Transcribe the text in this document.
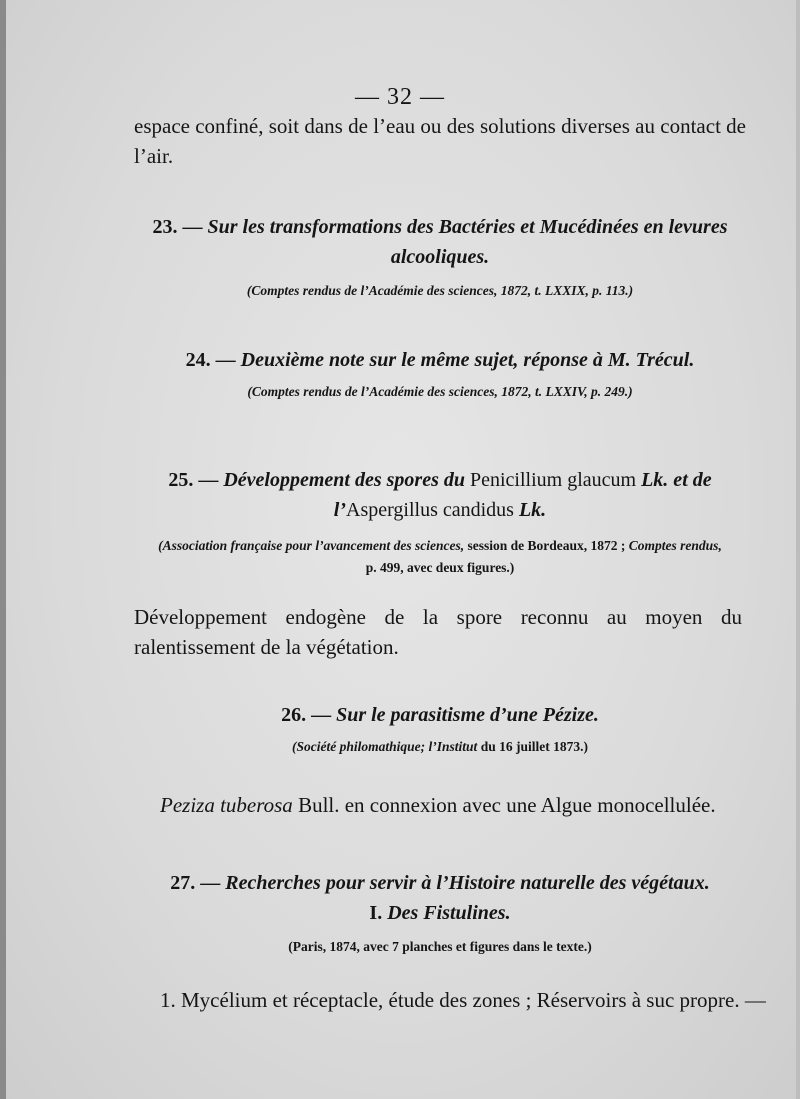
— 32 —
espace confiné, soit dans de l’eau ou des solutions diverses au contact de l’air.
23. — Sur les transformations des Bactéries et Mucédinées en levures alcooliques.
(Comptes rendus de l’Académie des sciences, 1872, t. LXXIX, p. 113.)
24. — Deuxième note sur le même sujet, réponse à M. Trécul.
(Comptes rendus de l’Académie des sciences, 1872, t. LXXIV, p. 249.)
25. — Développement des spores du Penicillium glaucum Lk. et de
l’Aspergillus candidus Lk.
(Association française pour l’avancement des sciences, session de Bordeaux, 1872 ; Comptes rendus,
p. 499, avec deux figures.)
Développement endogène de la spore reconnu au moyen du ralentissement de la végétation.
26. — Sur le parasitisme d’une Pézize.
(Société philomathique; l’Institut du 16 juillet 1873.)
Peziza tuberosa Bull. en connexion avec une Algue monocellulée.
27. — Recherches pour servir à l’Histoire naturelle des végétaux.
I. Des Fistulines.
(Paris, 1874, avec 7 planches et figures dans le texte.)
1. Mycélium et réceptacle, étude des zones ; Réservoirs à suc propre. —
